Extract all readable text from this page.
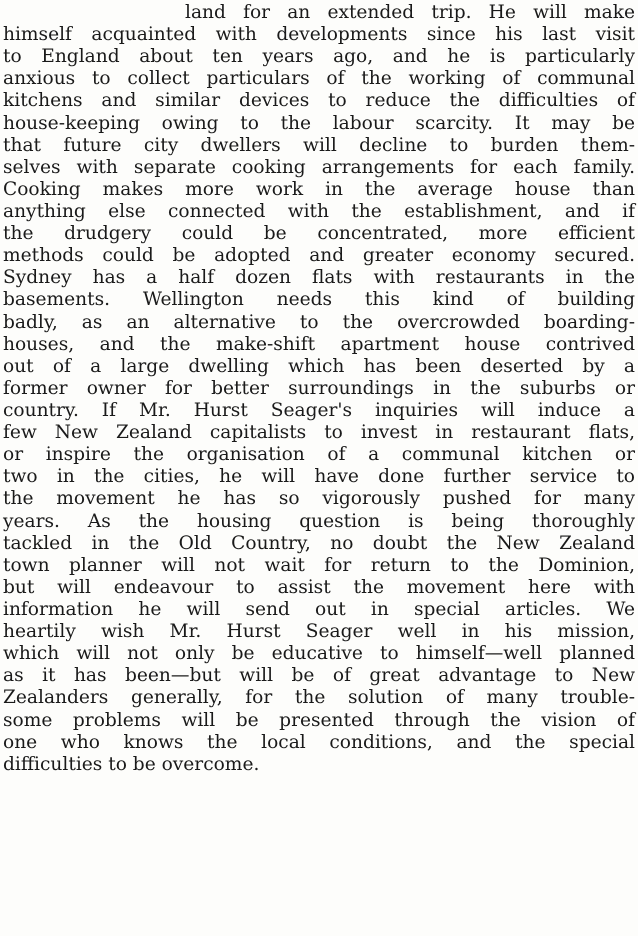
land for an extended trip. He will make
himself acquainted with developments since his last visit
to England about ten years ago, and he is particularly
anxious to collect particulars of the working of communal
kitchens and similar devices to reduce the difficulties of
house-keeping owing to the labour scarcity. It may be
that future city dwellers will decline to burden them-
selves with separate cooking arrangements for each family.
Cooking makes more work in the average house than
anything else connected with the establishment, and if
the drudgery could be concentrated, more efficient
methods could be adopted and greater economy secured.
Sydney has a half dozen flats with restaurants in the
basements. Wellington needs this kind of building
badly, as an alternative to the overcrowded boarding-
houses, and the make-shift apartment house contrived
out of a large dwelling which has been deserted by a
former owner for better surroundings in the suburbs or
country. If Mr. Hurst Seager's inquiries will induce a
few New Zealand capitalists to invest in restaurant flats,
or inspire the organisation of a communal kitchen or
two in the cities, he will have done further service to
the movement he has so vigorously pushed for many
years. As the housing question is being thoroughly
tackled in the Old Country, no doubt the New Zealand
town planner will not wait for return to the Dominion,
but will endeavour to assist the movement here with
information he will send out in special articles. We
heartily wish Mr. Hurst Seager well in his mission,
which will not only be educative to himself—well planned
as it has been—but will be of great advantage to New
Zealanders generally, for the solution of many trouble-
some problems will be presented through the vision of
one who knows the local conditions, and the special
difficulties to be overcome.
